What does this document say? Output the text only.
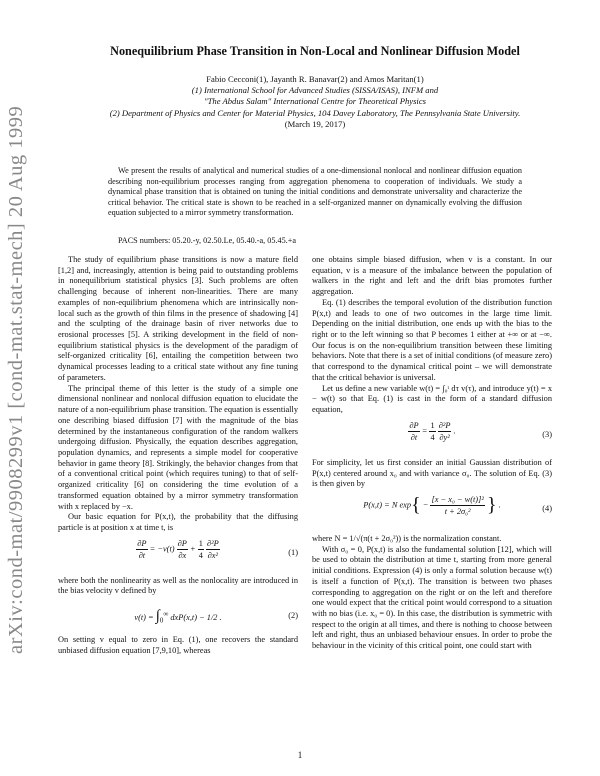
arXiv:cond-mat/9908299v1 [cond-mat.stat-mech] 20 Aug 1999
Nonequilibrium Phase Transition in Non-Local and Nonlinear Diffusion Model
Fabio Cecconi(1), Jayanth R. Banavar(2) and Amos Maritan(1)
(1) International School for Advanced Studies (SISSA/ISAS), INFM and
"The Abdus Salam" International Centre for Theoretical Physics
(2) Department of Physics and Center for Material Physics, 104 Davey Laboratory, The Pennsylvania State University.
(March 19, 2017)
We present the results of analytical and numerical studies of a one-dimensional nonlocal and nonlinear diffusion equation describing non-equilibrium processes ranging from aggregation phenomena to cooperation of individuals. We study a dynamical phase transition that is obtained on tuning the initial conditions and demonstrate universality and characterize the critical behavior. The critical state is shown to be reached in a self-organized manner on dynamically evolving the diffusion equation subjected to a mirror symmetry transformation.
PACS numbers: 05.20.-y, 02.50.Le, 05.40.-a, 05.45.+a

The study of equilibrium phase transitions is now a mature field [1,2] and, increasingly, attention is being paid to outstanding problems in nonequilibrium statistical physics [3]. Such problems are often challenging because of inherent non-linearities. There are many examples of non-equilibrium phenomena which are intrinsically non-local such as the growth of thin films in the presence of shadowing [4] and the sculpting of the drainage basin of river networks due to erosional processes [5]. A striking development in the field of non-equilibrium statistical physics is the development of the paradigm of self-organized criticality [6], entailing the competition between two dynamical processes leading to a critical state without any fine tuning of parameters.

The principal theme of this letter is the study of a simple one dimensional nonlinear and nonlocal diffusion equation to elucidate the nature of a non-equilibrium phase transition. The equation is essentially one describing biased diffusion [7] with the magnitude of the bias determined by the instantaneous configuration of the random walkers undergoing diffusion. Physically, the equation describes aggregation, population dynamics, and represents a simple model for cooperative behavior in game theory [8]. Strikingly, the behavior changes from that of a conventional critical point (which requires tuning) to that of self-organized criticality [6] on considering the time evolution of a transformed equation obtained by a mirror symmetry transformation with x replaced by −x.

Our basic equation for P(x,t), the probability that the diffusing particle is at position x at time t, is

$\frac{\partial P}{\partial t} = -v(t) \frac{\partial P}{\partial x} + \frac{1}{4}$
$\frac{\text{∂²P}}{\text{∂x²}}$	(1)

where both the nonlinearity as well as the nonlocality are introduced in the bias velocity v defined by

$v(t) = \int_0^\infty$ dxP(x,t) − 1/2 .	(2)

On setting v equal to zero in Eq. (1), one recovers the standard unbiased diffusion equation [7,9,10], whereas

one obtains simple biased diffusion, when v is a constant. In our equation, v is a measure of the imbalance between the population of walkers in the right and left and the drift bias promotes further aggregation.

Eq. (1) describes the temporal evolution of the distribution function P(x,t) and leads to one of two outcomes in the large time limit. Depending on the initial distribution, one ends up with the bias to the right or to the left winning so that P becomes 1 either at +∞ or at −∞. Our focus is on the non-equilibrium transition between these limiting behaviors. Note that there is a set of initial conditions (of measure zero) that correspond to the dynamical critical point – we will demonstrate that the critical behavior is universal.

Let us define a new variable w(t) = ∫₀ᵗ dτ v(τ), and introduce y(t) = x − w(t) so that Eq. (1) is cast in the form of a standard diffusion equation,

$\frac{\partial P}{\partial t} = \frac{1}{4}$
$\frac{\text{∂²P}}{\text{∂y²}}$ .	(3)

For simplicity, let us first consider an initial Gaussian distribution of P(x,t) centered around x₀ and with variance σ₀. The solution of Eq. (3) is then given by

P(x,t) = N $\exp\{ - \frac{\text{[x − x₀ − w(t)]²}}{\text{t + 2σ₀²}}$ } .	(4)

where N = 1/√(π(t + 2σ₀²)) is the normalization constant.

With σ₀ = 0, P(x,t) is also the fundamental solution [12], which will be used to obtain the distribution at time t, starting from more general initial conditions. Expression (4) is only a formal solution because w(t) is itself a function of P(x,t). The transition is between two phases corresponding to aggregation on the right or on the left and therefore one would expect that the critical point would correspond to a situation with no bias (i.e. x₀ = 0). In this case, the distribution is symmetric with respect to the origin at all times, and there is nothing to choose between left and right, thus an unbiased behaviour ensues. In order to probe the behaviour in the vicinity of this critical point, one could start with

1
